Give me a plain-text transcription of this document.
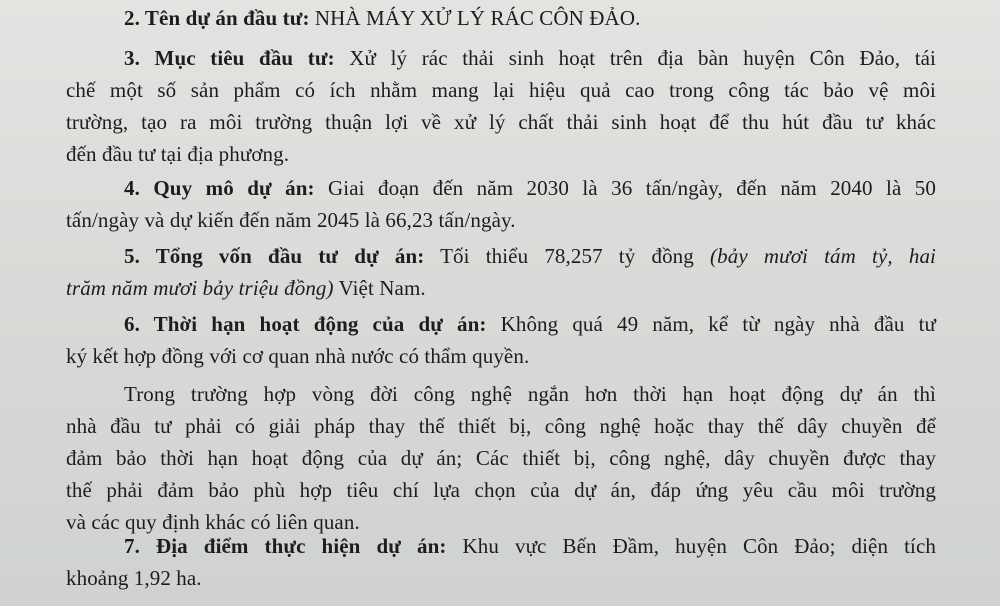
2. Tên dự án đầu tư: NHÀ MÁY XỬ LÝ RÁC CÔN ĐẢO.
3. Mục tiêu đầu tư: Xử lý rác thải sinh hoạt trên địa bàn huyện Côn Đảo, tái
chế một số sản phẩm có ích nhằm mang lại hiệu quả cao trong công tác bảo vệ môi
trường, tạo ra môi trường thuận lợi về xử lý chất thải sinh hoạt để thu hút đầu tư khác
đến đầu tư tại địa phương.
4. Quy mô dự án: Giai đoạn đến năm 2030 là 36 tấn/ngày, đến năm 2040 là 50
tấn/ngày và dự kiến đến năm 2045 là 66,23 tấn/ngày.
5. Tổng vốn đầu tư dự án: Tối thiểu 78,257 tỷ đồng (bảy mươi tám tỷ, hai
trăm năm mươi bảy triệu đồng) Việt Nam.
6. Thời hạn hoạt động của dự án: Không quá 49 năm, kể từ ngày nhà đầu tư
ký kết hợp đồng với cơ quan nhà nước có thẩm quyền.
Trong trường hợp vòng đời công nghệ ngắn hơn thời hạn hoạt động dự án thì
nhà đầu tư phải có giải pháp thay thế thiết bị, công nghệ hoặc thay thế dây chuyền để
đảm bảo thời hạn hoạt động của dự án; Các thiết bị, công nghệ, dây chuyền được thay
thế phải đảm bảo phù hợp tiêu chí lựa chọn của dự án, đáp ứng yêu cầu môi trường
và các quy định khác có liên quan.
7. Địa điểm thực hiện dự án: Khu vực Bến Đầm, huyện Côn Đảo; diện tích
khoảng 1,92 ha.
